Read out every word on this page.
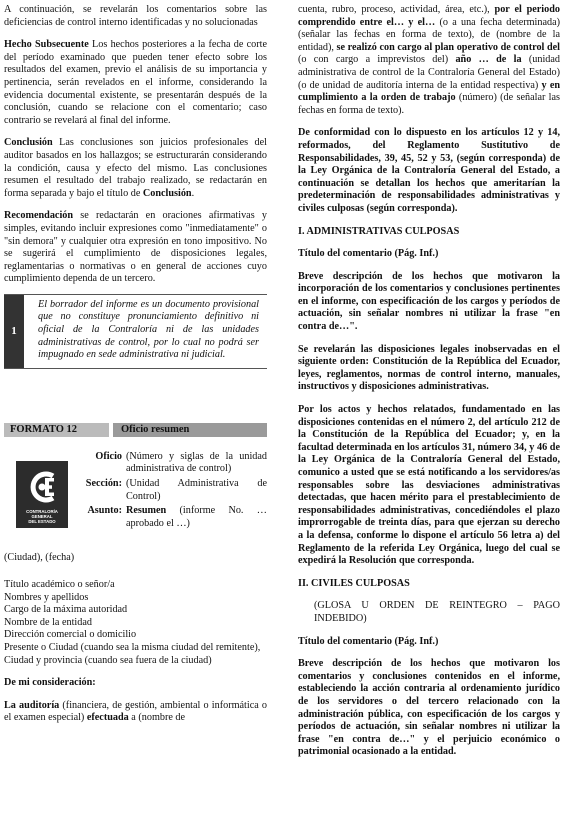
A continuación, se revelarán los comentarios sobre las deficiencias de control interno identificadas y no solucionadas

Hecho Subsecuente Los hechos posteriores a la fecha de corte del período examinado que pueden tener efecto sobre los resultados del examen, previo el análisis de su importancia y pertinencia, serán revelados en el informe, considerando la evidencia documental existente, se presentarán después de la conclusión, cuando se relacione con el comentario; caso contrario se revelará al final del informe.

Conclusión Las conclusiones son juicios profesionales del auditor basados en los hallazgos; se estructurarán considerando la condición, causa y efecto del mismo. Las conclusiones resumen el resultado del trabajo realizado, se redactarán en forma separada y bajo el título de Conclusión.

Recomendación se redactarán en oraciones afirmativas y simples, evitando incluir expresiones como "inmediatamente" o "sin demora" y cualquier otra expresión en tono impositivo. No se sugerirá el cumplimiento de disposiciones legales, reglamentarias o normativas o en general de acciones cuyo cumplimiento dependa de un tercero.

1
El borrador del informe es un documento provisional que no constituye pronunciamiento definitivo ni oficial de la Contraloría ni de las unidades administrativas de control, por lo cual no podrá ser impugnado en sede administrativa ni judicial.
FORMATO 12	Oficio resumen
CONTRALORÍA
GENERAL
DEL ESTADO
Oficio (Número y siglas de la unidad administrativa de control)
Sección: (Unidad Administrativa de Control)
Asunto: Resumen (informe No. … aprobado el …)

(Ciudad), (fecha)

Título académico o señor/a

Nombres y apellidos

Cargo de la máxima autoridad

Nombre de la entidad

Dirección comercial o domicilio

Presente o Ciudad (cuando sea la misma ciudad del remitente),

Ciudad y provincia (cuando sea fuera de la ciudad)

De mi consideración:

La auditoría (financiera, de gestión, ambiental o informática o el examen especial) efectuada a (nombre de

cuenta, rubro, proceso, actividad, área, etc.), por el periodo comprendido entre el… y el… (o a una fecha determinada) (señalar las fechas en forma de texto), de (nombre de la entidad), se realizó con cargo al plan operativo de control del (o con cargo a imprevistos del) año … de la (unidad administrativa de control de la Contraloría General del Estado) (o de unidad de auditoría interna de la entidad respectiva) y en cumplimiento a la orden de trabajo (número) (de señalar las fechas en forma de texto).

De conformidad con lo dispuesto en los artículos 12 y 14, reformados, del Reglamento Sustitutivo de Responsabilidades, 39, 45, 52 y 53, (según corresponda) de la Ley Orgánica de la Contraloría General del Estado, a continuación se detallan los hechos que ameritarían la predeterminación de responsabilidades administrativas y civiles culposas (según corresponda).

I. ADMINISTRATIVAS CULPOSAS

Título del comentario (Pág. Inf.)

Breve descripción de los hechos que motivaron la incorporación de los comentarios y conclusiones pertinentes en el informe, con especificación de los cargos y períodos de actuación, sin señalar nombres ni utilizar la frase "en contra de…".

Se revelarán las disposiciones legales inobservadas en el siguiente orden: Constitución de la República del Ecuador, leyes, reglamentos, normas de control interno, manuales, instructivos y disposiciones administrativas.

Por los actos y hechos relatados, fundamentado en las disposiciones contenidas en el número 2, del artículo 212 de la Constitución de la República del Ecuador; y, en la facultad determinada en los artículos 31, número 34, y 46 de la Ley Orgánica de la Contraloría General del Estado, comunico a usted que se está notificando a los servidores/as responsables sobre las desviaciones administrativas detectadas, que hacen mérito para el prestablecimiento de responsabilidades administrativas, concediéndoles el plazo improrrogable de treinta días, para que ejerzan su derecho a la defensa, conforme lo dispone el artículo 56 letra a) del Reglamento de la referida Ley Orgánica, luego del cual se expedirá la Resolución que corresponda.

II. CIVILES CULPOSAS

(GLOSA U ORDEN DE REINTEGRO – PAGO INDEBIDO)

Título del comentario (Pág. Inf.)

Breve descripción de los hechos que motivaron los comentarios y conclusiones contenidos en el informe, estableciendo la acción contraria al ordenamiento jurídico de los servidores o del tercero relacionado con la administración pública, con especificación de los cargos y períodos de actuación, sin señalar nombres ni utilizar la frase "en contra de…" y el perjuicio económico o patrimonial ocasionado a la entidad.
